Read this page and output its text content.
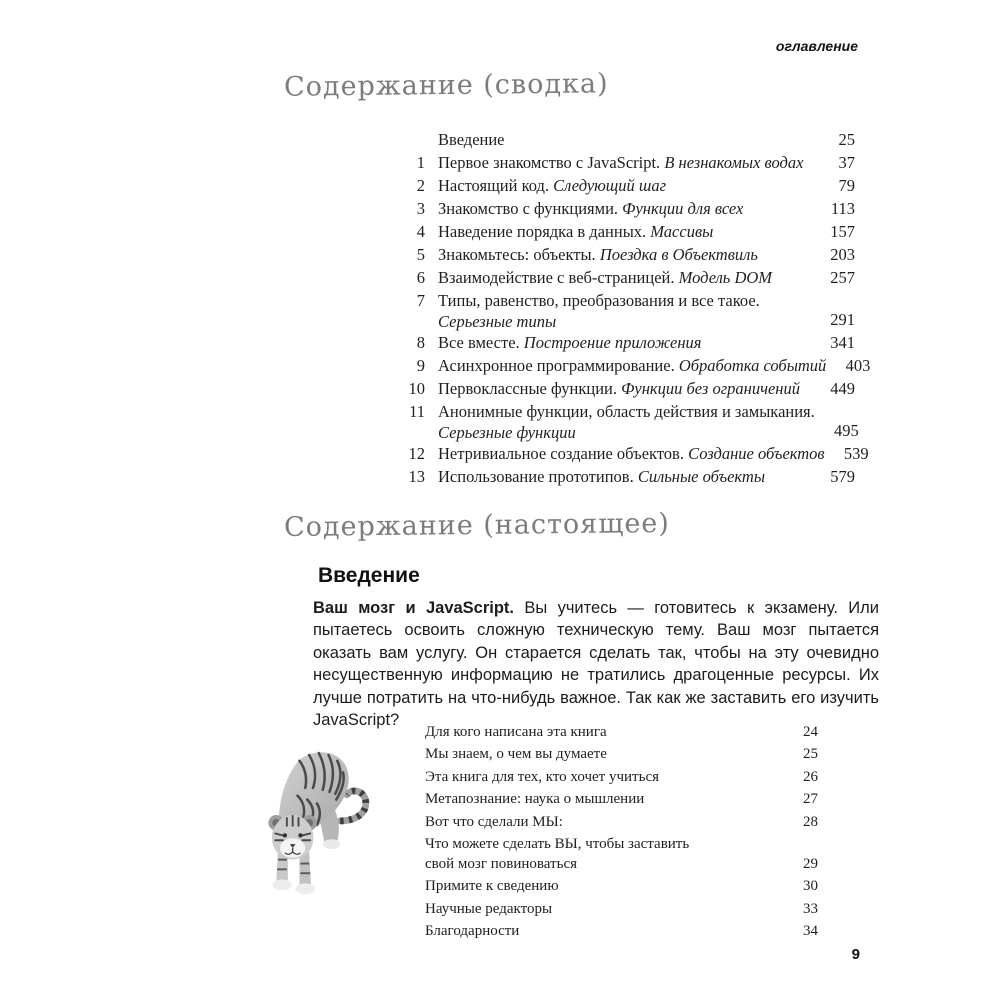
оглавление
Содержание (сводка)
Введение	25
1 Первое знакомство с JavaScript. В незнакомых водах	37
2 Настоящий код. Следующий шаг	79
3 Знакомство с функциями. Функции для всех	113
4 Наведение порядка в данных. Массивы	157
5 Знакомьтесь: объекты. Поездка в Объектвиль	203
6 Взаимодействие с веб-страницей. Модель DOM	257
7 Типы, равенство, преобразования и все такое.
Серьезные типы	291
8 Все вместе. Построение приложения	341
9 Асинхронное программирование. Обработка событий	403
10 Первоклассные функции. Функции без ограничений	449
11 Анонимные функции, область действия и замыкания.
Серьезные функции	495
12 Нетривиальное создание объектов. Создание объектов	539
13 Использование прототипов. Сильные объекты	579
Содержание (настоящее)
Введение

Ваш мозг и JavaScript. Вы учитесь — готовитесь к экзамену. Или пытаетесь освоить сложную техническую тему. Ваш мозг пытается оказать вам услугу. Он старается сделать так, чтобы на эту очевидно несущественную информацию не тратились драгоценные ресурсы. Их лучше потратить на что-нибудь важное. Так как же заставить его изучить JavaScript?

Для кого написана эта книга	24
Мы знаем, о чем вы думаете	25
Эта книга для тех, кто хочет учиться	26
Метапознание: наука о мышлении	27
Вот что сделали МЫ:	28
Что можете сделать ВЫ, чтобы заставить
свой мозг повиноваться	29
Примите к сведению	30
Научные редакторы	33
Благодарности	34
9
